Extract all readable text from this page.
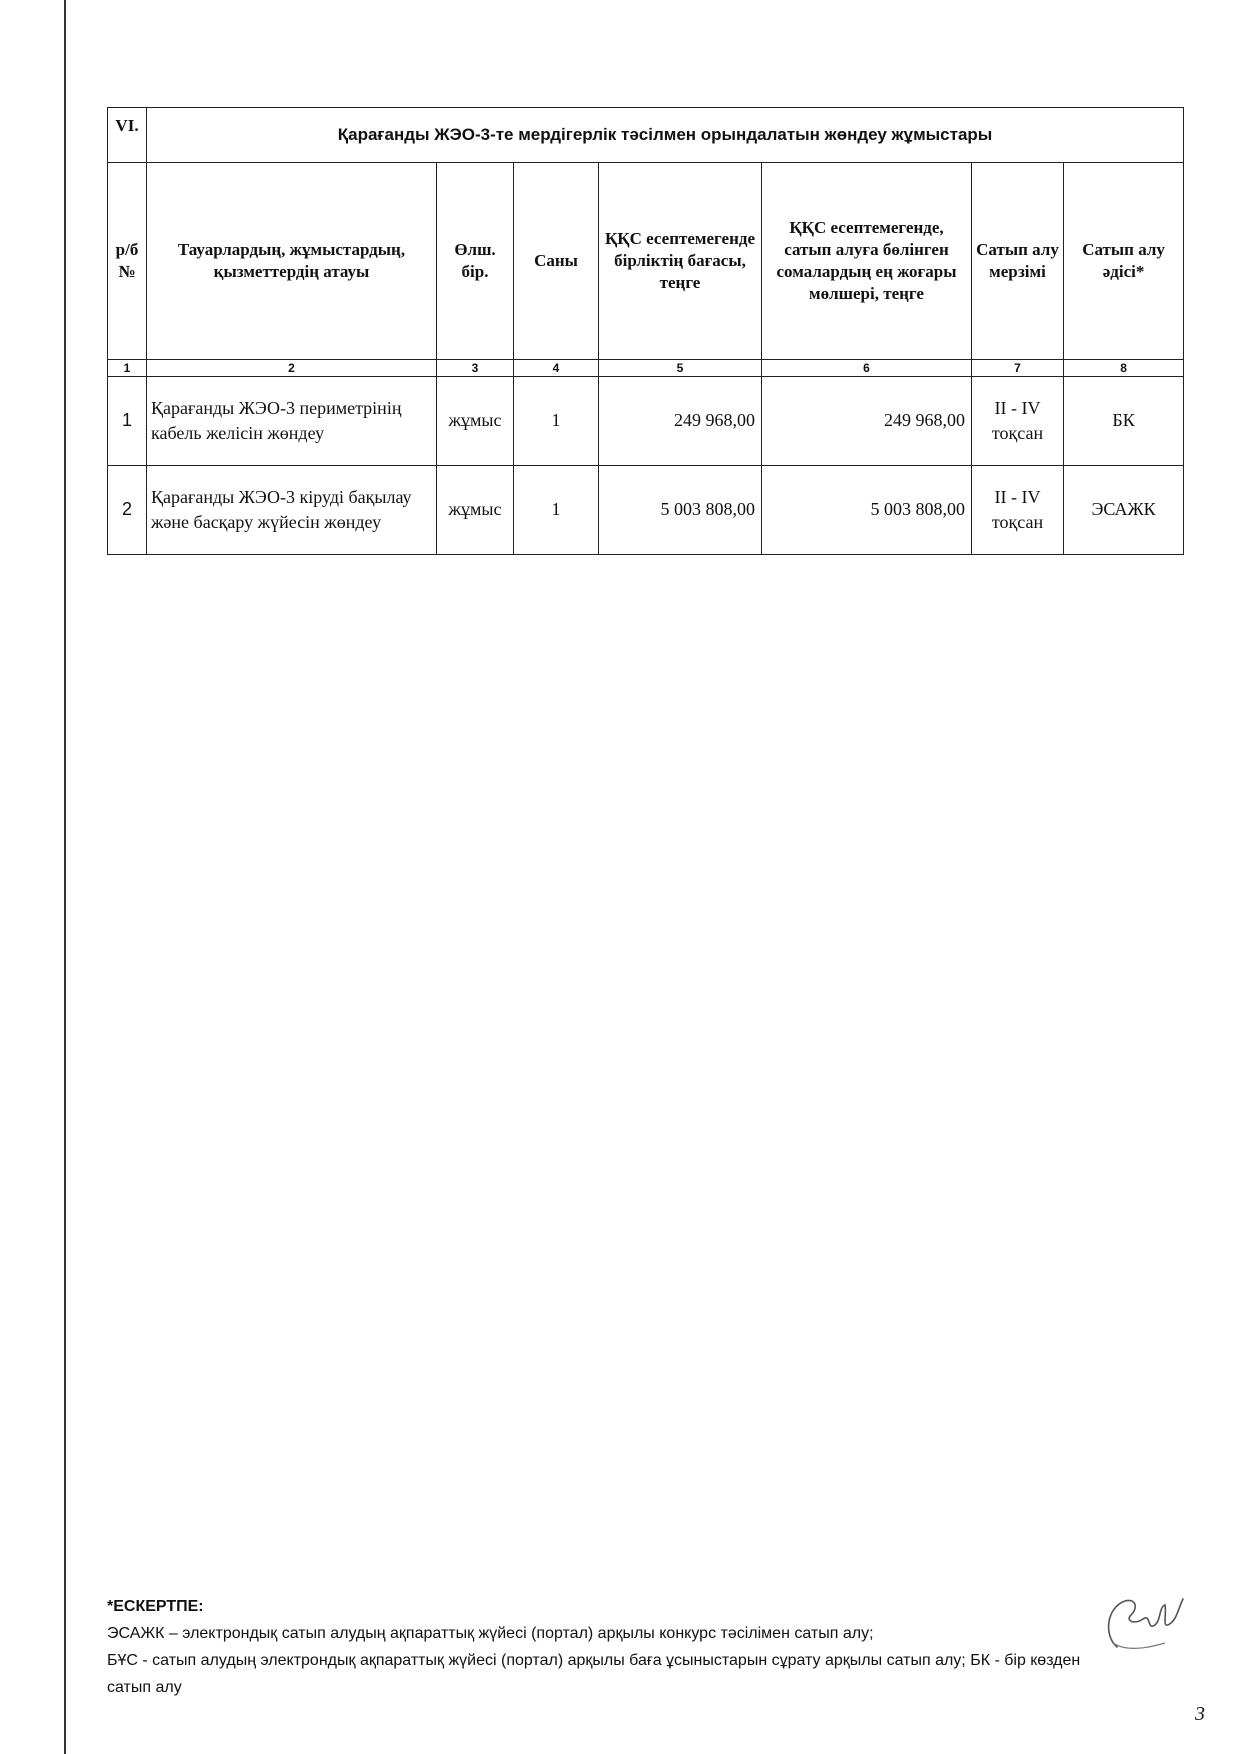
VI.	Қарағанды ЖЭО-3-те мердігерлік тәсілмен орындалатын жөндеу жұмыстары						
р/б №	Тауарлардың, жұмыстардың, қызметтердің атауы	Өлш. бір.	Саны	ҚҚС есептемегенде бірліктің бағасы, теңге	ҚҚС есептемегенде, сатып алуға бөлінген сомалардың ең жоғары мөлшері, теңге	Сатып алу мерзімі	Сатып алу әдісі*
1	2	3	4	5	6	7	8
1	Қарағанды ЖЭО-3 периметрінің кабель желісін жөндеу	жұмыс	1	249 968,00	249 968,00	II - IV тоқсан	БК
2	Қарағанды ЖЭО-3 кіруді бақылау және басқару жүйесін жөндеу	жұмыс	1	5 003 808,00	5 003 808,00	II - IV тоқсан	ЭСАЖК
*ЕСКЕРТПЕ:
ЭСАЖК – электрондық сатып алудың ақпараттық жүйесі (портал) арқылы конкурс тәсілімен сатып алу;
БҰС - сатып алудың электрондық ақпараттық жүйесі (портал) арқылы баға ұсыныстарын сұрату арқылы сатып алу; БК - бір көзден сатып алу
3
